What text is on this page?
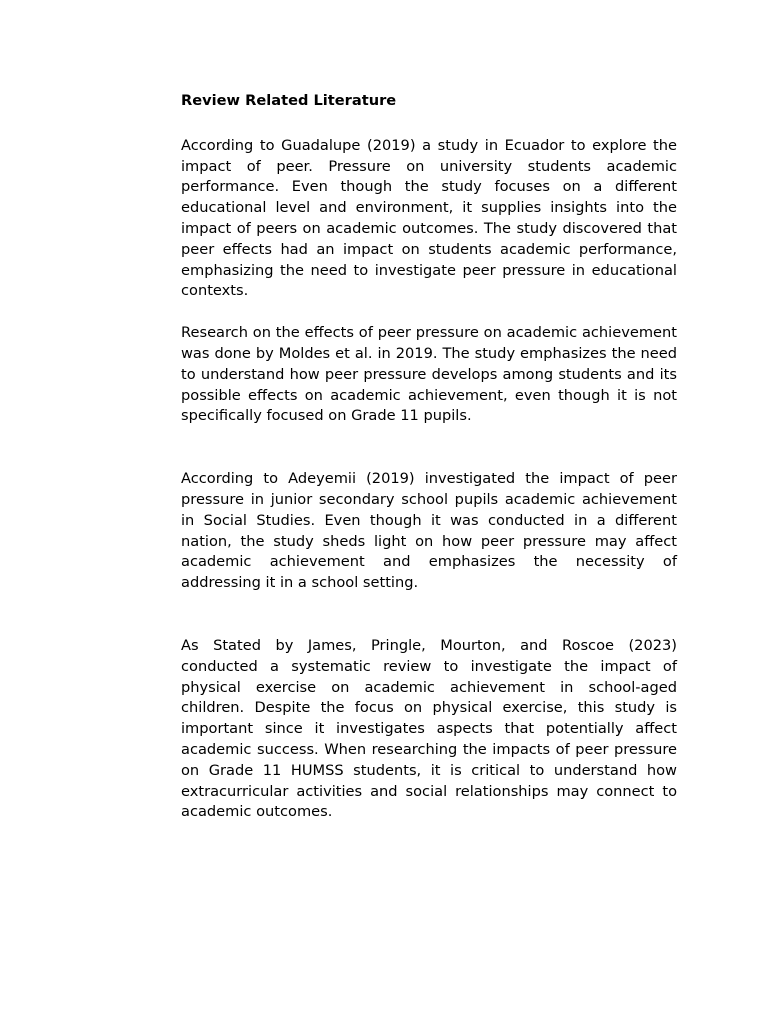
Review Related Literature

According to Guadalupe (2019) a study in Ecuador to explore the impact of peer. Pressure on university students academic performance. Even though the study focuses on a different educational level and environment, it supplies insights into the impact of peers on academic outcomes. The study discovered that peer effects had an impact on students academic performance, emphasizing the need to investigate peer pressure in educational contexts.

Research on the effects of peer pressure on academic achievement was done by Moldes et al. in 2019. The study emphasizes the need to understand how peer pressure develops among students and its possible effects on academic achievement, even though it is not specifically focused on Grade 11 pupils.

According to Adeyemii (2019) investigated the impact of peer pressure in junior secondary school pupils academic achievement in Social Studies. Even though it was conducted in a different nation, the study sheds light on how peer pressure may affect academic achievement and emphasizes the necessity of addressing it in a school setting.

As Stated by James, Pringle, Mourton, and Roscoe (2023) conducted a systematic review to investigate the impact of physical exercise on academic achievement in school-aged children. Despite the focus on physical exercise, this study is important since it investigates aspects that potentially affect academic success. When researching the impacts of peer pressure on Grade 11 HUMSS students, it is critical to understand how extracurricular activities and social relationships may connect to academic outcomes.
